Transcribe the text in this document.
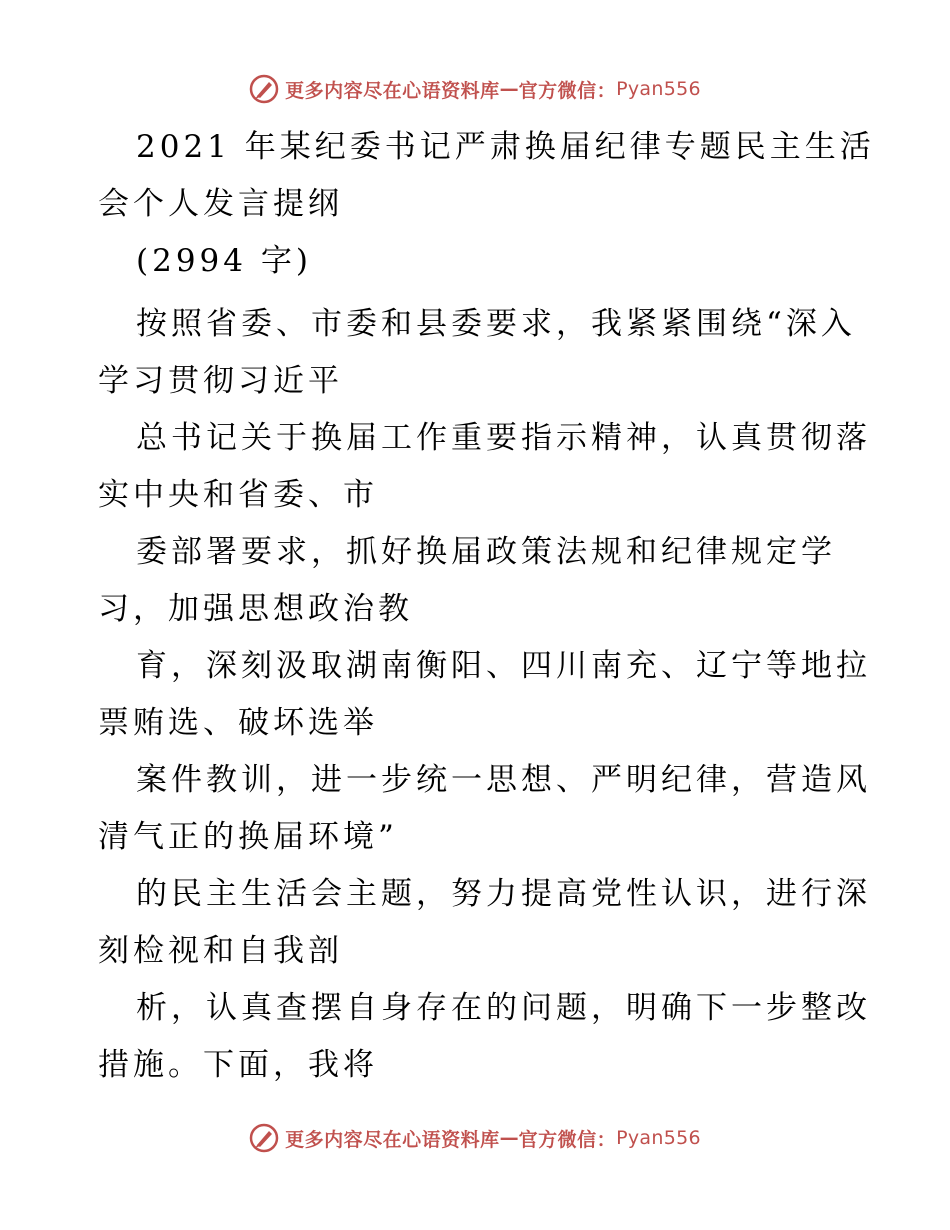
更多内容尽在心语资料库 — 官方微信： Pyan556
2021 年某纪委书记严肃换届纪律专题民主生活
会个人发言提纲
(2994 字)
按照省委、市委和县委要求，我紧紧围绕“深入
学习贯彻习近平
总书记关于换届工作重要指示精神，认真贯彻落
实中央和省委、市
委部署要求，抓好换届政策法规和纪律规定学
习，加强思想政治教
育，深刻汲取湖南衡阳、四川南充、辽宁等地拉
票贿选、破坏选举
案件教训，进一步统一思想、严明纪律，营造风
清气正的换届环境”
的民主生活会主题，努力提高党性认识，进行深
刻检视和自我剖
析，认真查摆自身存在的问题，明确下一步整改
措施。下面，我将
更多内容尽在心语资料库 — 官方微信： Pyan556
